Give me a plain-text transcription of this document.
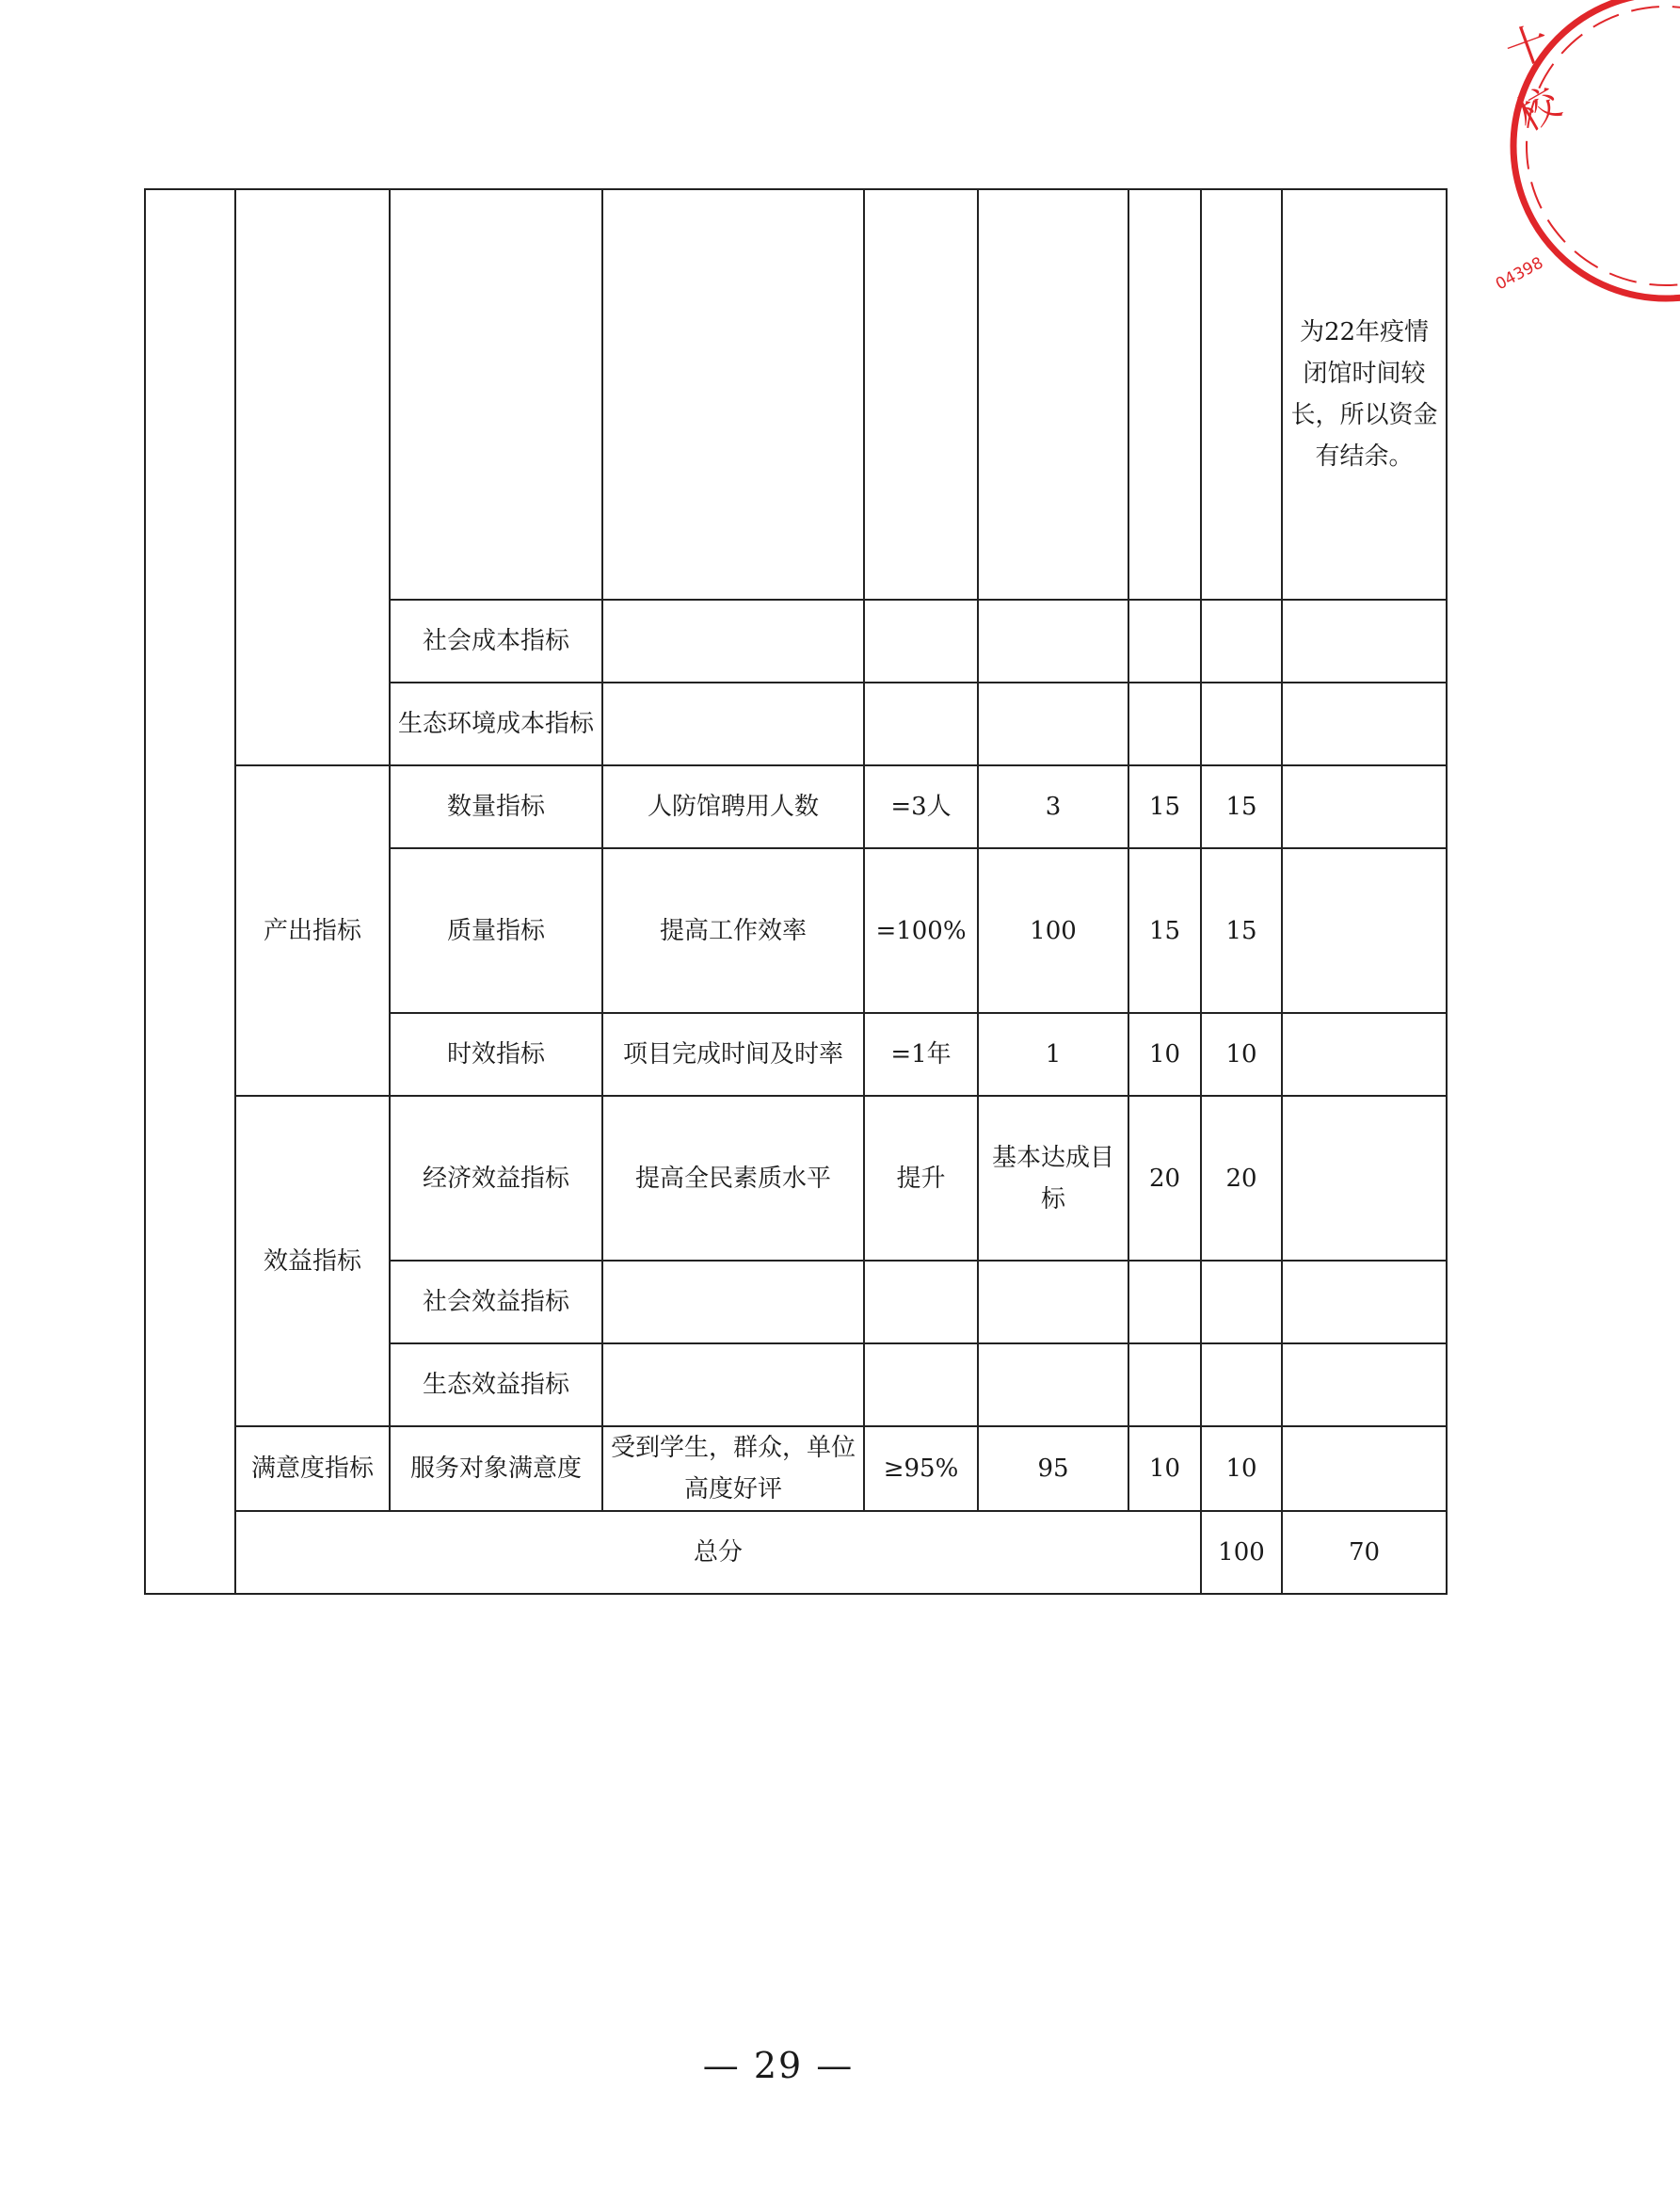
十
校
04398
								为22年疫情闭馆时间较长，所以资金有结余。	
		社会成本指标							
		生态环境成本指标							
	产出指标	数量指标	人防馆聘用人数	=3人	3	15	15		
		质量指标	提高工作效率	=100%	100	15	15		
		时效指标	项目完成时间及时率	=1年	1	10	10		
	效益指标	经济效益指标	提高全民素质水平	提升	基本达成目标	20	20		
		社会效益指标							
		生态效益指标							
	满意度指标	服务对象满意度	受到学生，群众，单位高度好评	≥95%	95	10	10		
	总分						100	70	
— 29 —
